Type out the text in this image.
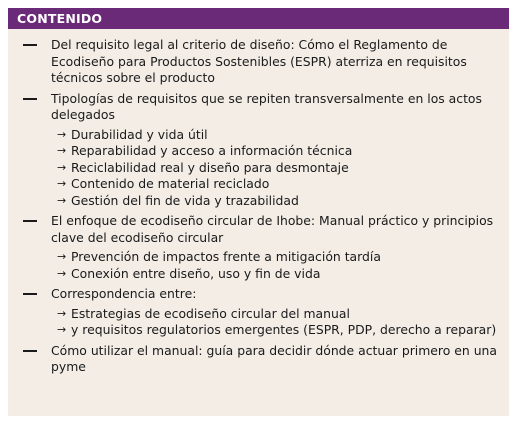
CONTENIDO
Del requisito legal al criterio de diseño: Cómo el Reglamento de Ecodiseño para Productos Sostenibles (ESPR) aterriza en requisitos técnicos sobre el producto
Tipologías de requisitos que se repiten transversalmente en los actos delegados
→ Durabilidad y vida útil
→ Reparabilidad y acceso a información técnica
→ Reciclabilidad real y diseño para desmontaje
→ Contenido de material reciclado
→ Gestión del fin de vida y trazabilidad
El enfoque de ecodiseño circular de Ihobe: Manual práctico y principios clave del ecodiseño circular
→ Prevención de impactos frente a mitigación tardía
→ Conexión entre diseño, uso y fin de vida
Correspondencia entre:
→ Estrategias de ecodiseño circular del manual
→ y requisitos regulatorios emergentes (ESPR, PDP, derecho a reparar)
Cómo utilizar el manual: guía para decidir dónde actuar primero en una pyme
